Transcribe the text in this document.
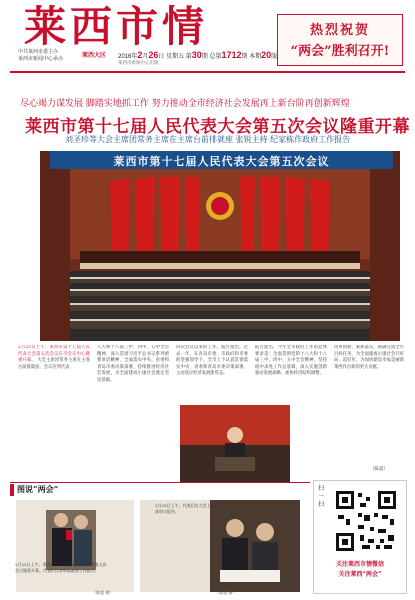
莱西市情
中共莱西市委主办
莱西市新闻中心承办	莱西大区 2016年2月26日 星期五 第30期 总第1712期 本期20版
莱西市新闻中心出版
热烈祝贺
“两会”胜利召开!
尽心竭力谋发展 脚踏实地抓工作 努力推动全市经济社会发展再上新台阶再创新辉煌
莱西市第十七届人民代表大会第五次会议隆重开幕
刘圣珍等大会主席团常务主席在主席台前排就座 张锐主持 纪家栋作政府工作报告
莱西市第十七届人民代表大会第五次会议
2月25日上午，莱西市第十七届人民代表大会第五次会议在市会议中心隆重开幕。 大会主席团常务主席在主席台前排就座。会议应到代表
八大和十八届三中、四中、五中全会精神，深入贯彻习近平总书记系列重要讲话精神，全面落实中央、省委和青岛市委决策部署，持续推进经济社会发展，为全面建成小康社会奠定坚实基础。
四次会议以来的工作。报告指出，过去一年，在青岛市委、市政府和市委的坚强领导下，全市上下认真贯彻落实中央、省委和青岛市委决策部署，主动适应经济发展新常态。
报告提出，今年全市政府工作的总体要求是：全面贯彻党的十八大和十八届三中、四中、五中全会精神，坚持稳中求进工作总基调，深入实施创新驱动发展战略，加快经济结构调整。
改革创新，狠抓落实，圆满完成全年目标任务，为全面建成小康社会开好局、起好步，为加快建设幸福美丽新莱西作出新的更大贡献。
（陈超）
图说“两会”
2月25日上午，莱西市第十七届人民代表大会第五次会议隆重开幕。代表们认真听取政府工作报告。
（陈超 摄）
2月25日上午，代表们在大会上认真审议报告。
（陈超 摄）
扫一扫
关注莱西市情微信
关注莱西“两会”
